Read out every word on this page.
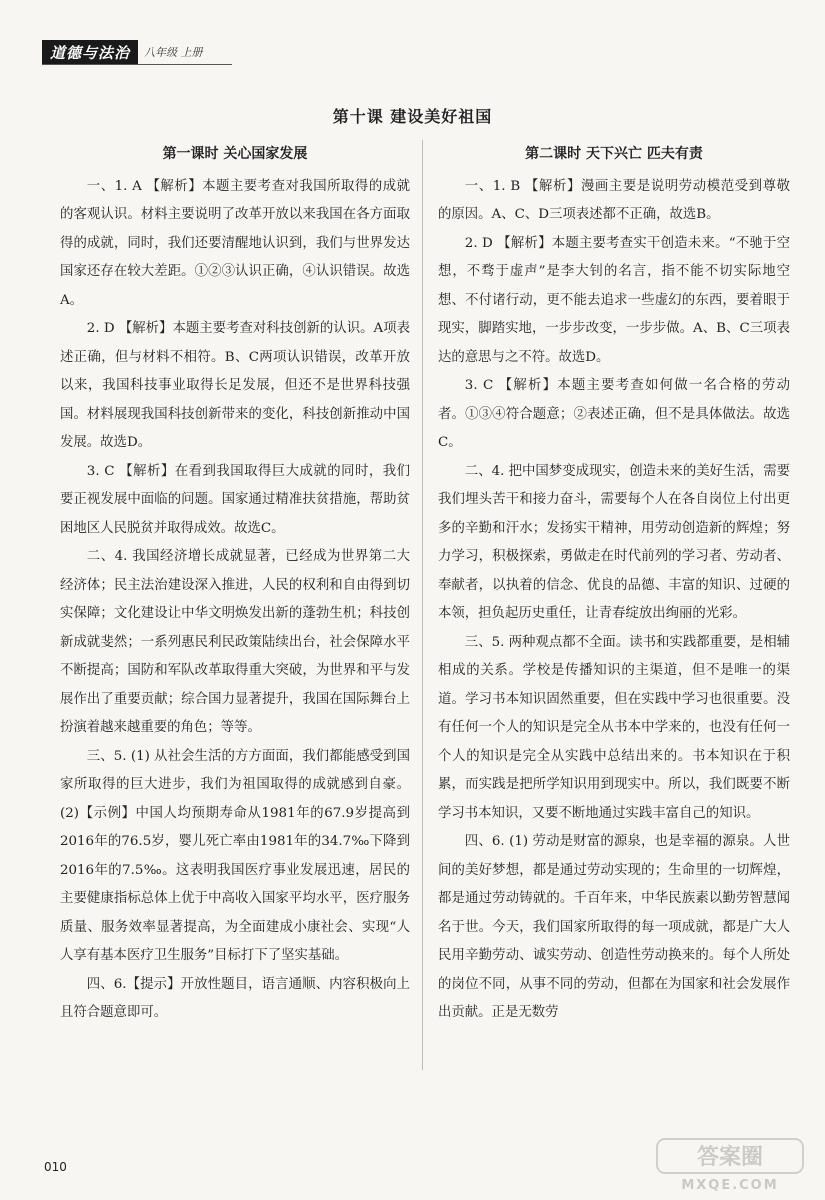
道德与法治	八年级 上册
第十课 建设美好祖国
第一课时 关心国家发展

一、1. A 【解析】本题主要考查对我国所取得的成就的客观认识。材料主要说明了改革开放以来我国在各方面取得的成就，同时，我们还要清醒地认识到，我们与世界发达国家还存在较大差距。①②③认识正确，④认识错误。故选A。

2. D 【解析】本题主要考查对科技创新的认识。A项表述正确，但与材料不相符。B、C两项认识错误，改革开放以来，我国科技事业取得长足发展，但还不是世界科技强国。材料展现我国科技创新带来的变化，科技创新推动中国发展。故选D。

3. C 【解析】在看到我国取得巨大成就的同时，我们要正视发展中面临的问题。国家通过精准扶贫措施，帮助贫困地区人民脱贫并取得成效。故选C。

二、4. 我国经济增长成就显著，已经成为世界第二大经济体；民主法治建设深入推进，人民的权利和自由得到切实保障；文化建设让中华文明焕发出新的蓬勃生机；科技创新成就斐然；一系列惠民利民政策陆续出台，社会保障水平不断提高；国防和军队改革取得重大突破，为世界和平与发展作出了重要贡献；综合国力显著提升，我国在国际舞台上扮演着越来越重要的角色；等等。

三、5. (1) 从社会生活的方方面面，我们都能感受到国家所取得的巨大进步，我们为祖国取得的成就感到自豪。(2)【示例】中国人均预期寿命从1981年的67.9岁提高到2016年的76.5岁，婴儿死亡率由1981年的34.7‰下降到2016年的7.5‰。这表明我国医疗事业发展迅速，居民的主要健康指标总体上优于中高收入国家平均水平，医疗服务质量、服务效率显著提高，为全面建成小康社会、实现“人人享有基本医疗卫生服务”目标打下了坚实基础。

四、6.【提示】开放性题目，语言通顺、内容积极向上且符合题意即可。

第二课时 天下兴亡 匹夫有责

一、1. B 【解析】漫画主要是说明劳动模范受到尊敬的原因。A、C、D三项表述都不正确，故选B。

2. D 【解析】本题主要考查实干创造未来。“不驰于空想，不骛于虚声”是李大钊的名言，指不能不切实际地空想、不付诸行动，更不能去追求一些虚幻的东西，要着眼于现实，脚踏实地，一步步改变，一步步做。A、B、C三项表达的意思与之不符。故选D。

3. C 【解析】本题主要考查如何做一名合格的劳动者。①③④符合题意；②表述正确，但不是具体做法。故选C。

二、4. 把中国梦变成现实，创造未来的美好生活，需要我们埋头苦干和接力奋斗，需要每个人在各自岗位上付出更多的辛勤和汗水；发扬实干精神，用劳动创造新的辉煌；努力学习，积极探索，勇做走在时代前列的学习者、劳动者、奉献者，以执着的信念、优良的品德、丰富的知识、过硬的本领，担负起历史重任，让青春绽放出绚丽的光彩。

三、5. 两种观点都不全面。读书和实践都重要，是相辅相成的关系。学校是传播知识的主渠道，但不是唯一的渠道。学习书本知识固然重要，但在实践中学习也很重要。没有任何一个人的知识是完全从书本中学来的，也没有任何一个人的知识是完全从实践中总结出来的。书本知识在于积累，而实践是把所学知识用到现实中。所以，我们既要不断学习书本知识，又要不断地通过实践丰富自己的知识。

四、6. (1) 劳动是财富的源泉，也是幸福的源泉。人世间的美好梦想，都是通过劳动实现的；生命里的一切辉煌，都是通过劳动铸就的。千百年来，中华民族素以勤劳智慧闻名于世。今天，我们国家所取得的每一项成就，都是广大人民用辛勤劳动、诚实劳动、创造性劳动换来的。每个人所处的岗位不同，从事不同的劳动，但都在为国家和社会发展作出贡献。正是无数劳

010	答案圈
MXQE.COM
